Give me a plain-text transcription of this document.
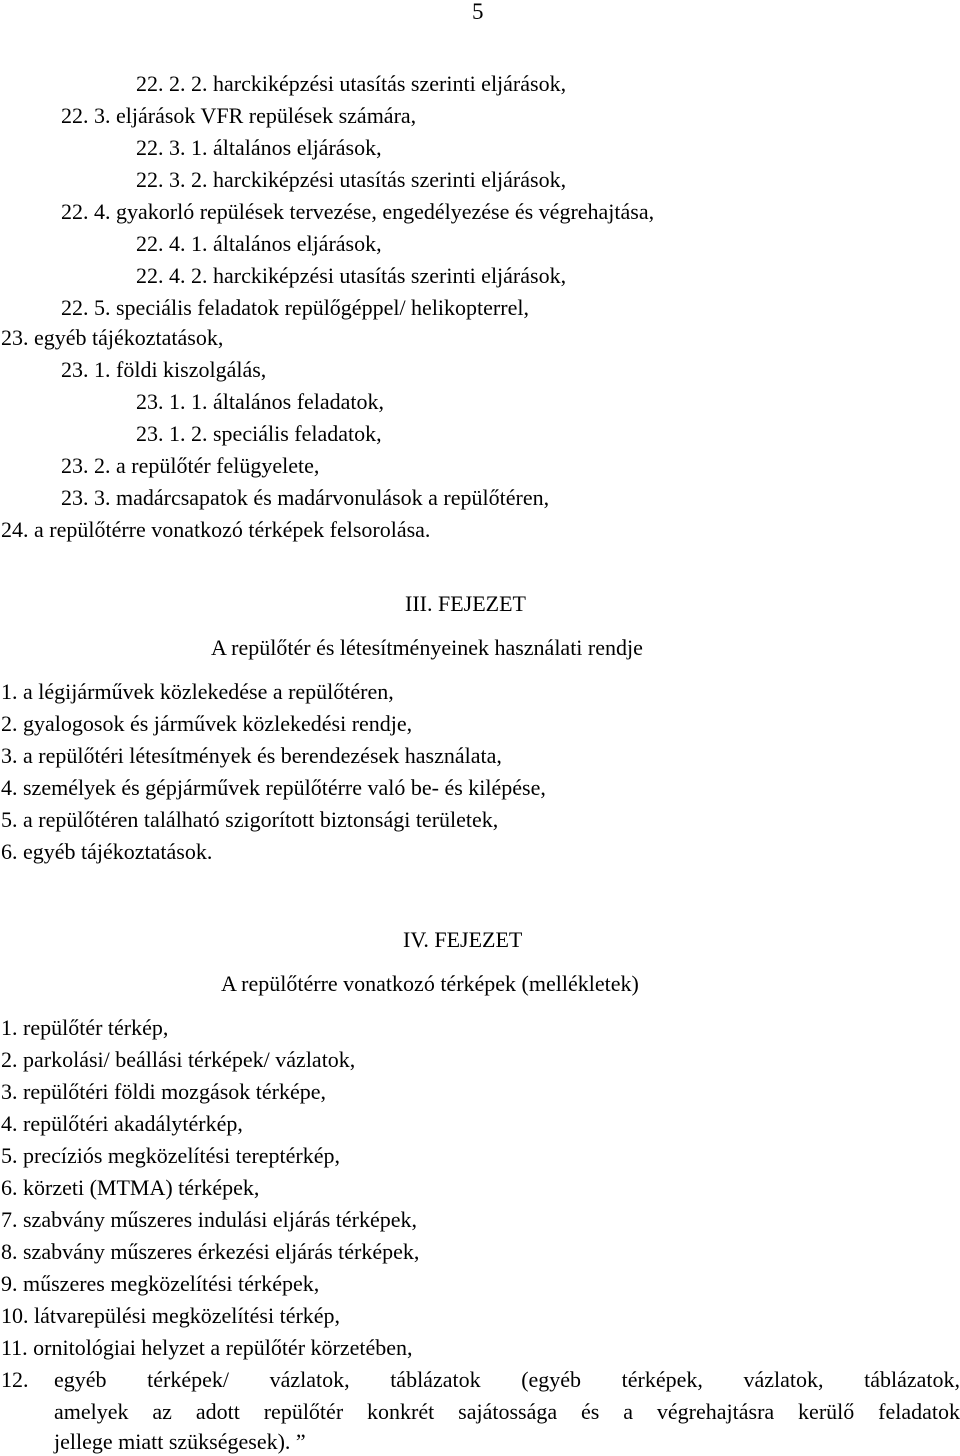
5
22. 2. 2. harckiképzési utasítás szerinti eljárások,
22. 3. eljárások VFR repülések számára,
22. 3. 1. általános eljárások,
22. 3. 2. harckiképzési utasítás szerinti eljárások,
22. 4. gyakorló repülések tervezése, engedélyezése és végrehajtása,
22. 4. 1. általános eljárások,
22. 4. 2. harckiképzési utasítás szerinti eljárások,
22. 5. speciális feladatok repülőgéppel/ helikopterrel,
23. egyéb tájékoztatások,
23. 1. földi kiszolgálás,
23. 1. 1. általános feladatok,
23. 1. 2. speciális feladatok,
23. 2. a repülőtér felügyelete,
23. 3. madárcsapatok és madárvonulások a repülőtéren,
24. a repülőtérre vonatkozó térképek felsorolása.
III. FEJEZET
A repülőtér és létesítményeinek használati rendje
1. a légijárművek közlekedése a repülőtéren,
2. gyalogosok és járművek közlekedési rendje,
3. a repülőtéri létesítmények és berendezések használata,
4. személyek és gépjárművek repülőtérre való be- és kilépése,
5. a repülőtéren található szigorított biztonsági területek,
6. egyéb tájékoztatások.
IV. FEJEZET
A repülőtérre vonatkozó térképek (mellékletek)
1. repülőtér térkép,
2. parkolási/ beállási térképek/ vázlatok,
3. repülőtéri földi mozgások térképe,
4. repülőtéri akadálytérkép,
5. precíziós megközelítési tereptérkép,
6. körzeti (MTMA) térképek,
7. szabvány műszeres indulási eljárás térképek,
8. szabvány műszeres érkezési eljárás térképek,
9. műszeres megközelítési térképek,
10. látvarepülési megközelítési térkép,
11. ornitológiai helyzet a repülőtér körzetében,
12. egyéb térképek/ vázlatok, táblázatok (egyéb térképek, vázlatok, táblázatok,
amelyek az adott repülőtér konkrét sajátossága és a végrehajtásra kerülő feladatok
jellege miatt szükségesek). ”
